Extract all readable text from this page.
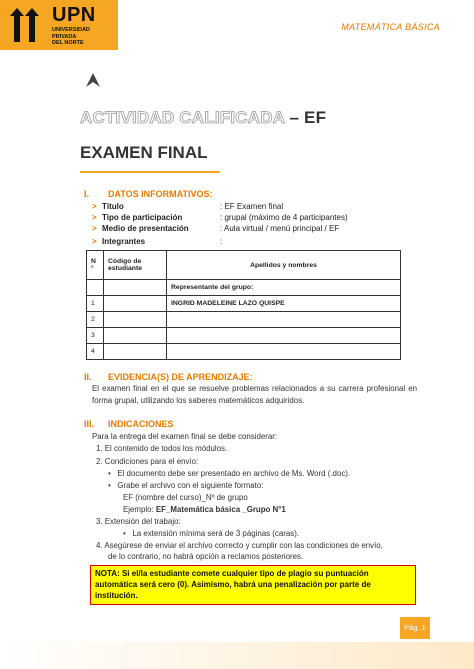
UPN
UNIVERSIDAD
PRIVADA
DEL NORTE
MATEMÁTICA BÁSICA
ACTIVIDAD CALIFICADA – EF
EXAMEN FINAL
I. DATOS INFORMATIVOS:
> Título	: EF Examen final
> Tipo de participación	: grupal (máximo de 4 participantes)
> Medio de presentación	: Aula virtual / menú principal / EF
> Integrantes	:
N °	Código de estudiante	Apellidos y nombres
		Representante del grupo:
1		INGRID MADELEINE LAZO QUISPE
2		
3		
4		
II. EVIDENCIA(S) DE APRENDIZAJE:
El examen final en el que se resuelve problemas relacionados a su carrera profesional en forma grupal, utilizando los saberes matemáticos adquiridos.
III. INDICACIONES
Para la entrega del examen final se debe considerar:
1. El contenido de todos los módulos.
2. Condiciones para el envío:
•   El documento debe ser presentado en archivo de Ms. Word (.doc).
•   Grabe el archivo con el siguiente formato:
EF (nombre del curso)_Nº de grupo
Ejemplo: EF_Matemática básica _Grupo N°1
3. Extensión del trabajo:
•   La extensión mínima será de 3 páginas (caras).
4. Asegúrese de enviar el archivo correcto y cumplir con las condiciones de envío,
de lo contrario, no habrá opción a reclamos posteriores.
NOTA: Si el/la estudiante comete cualquier tipo de plagio su puntuación automática será cero (0). Asimismo, habrá una penalización por parte de institución.
Pág. 1
